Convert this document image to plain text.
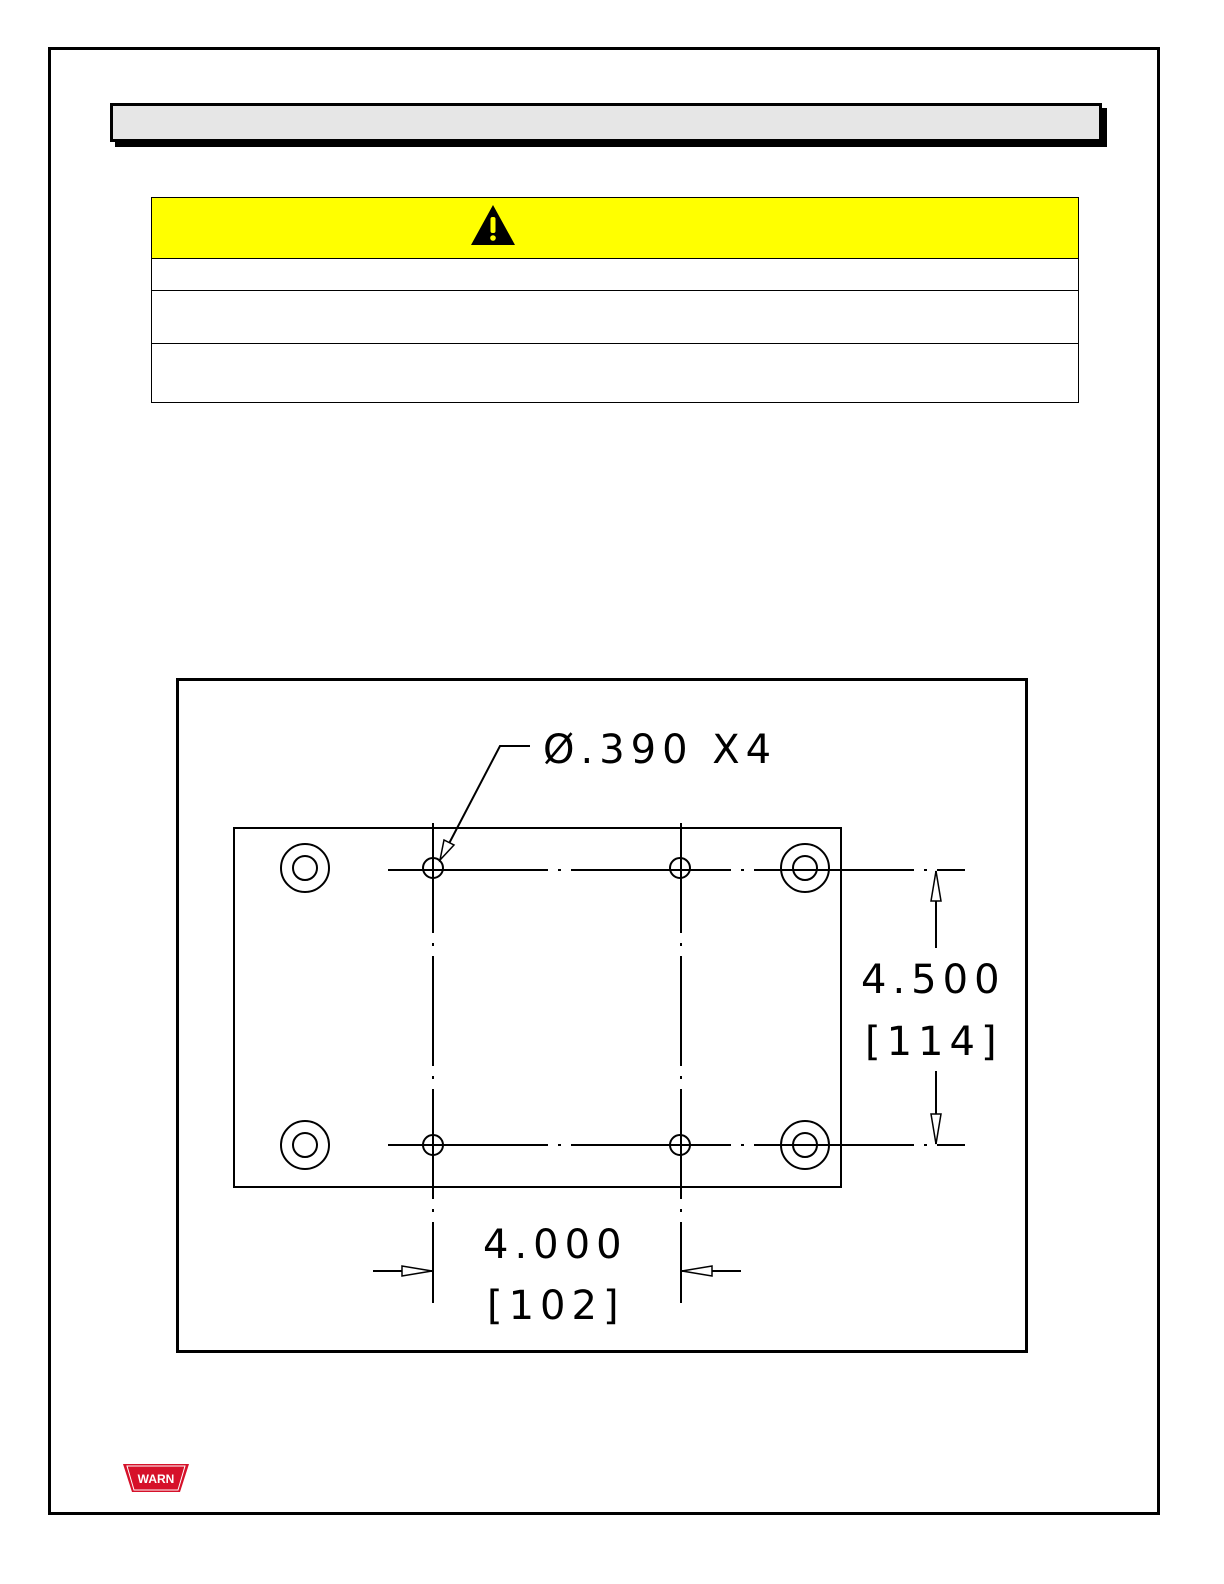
Ø.390 X4
4.500
[114]
4.000
[102]
WARN
